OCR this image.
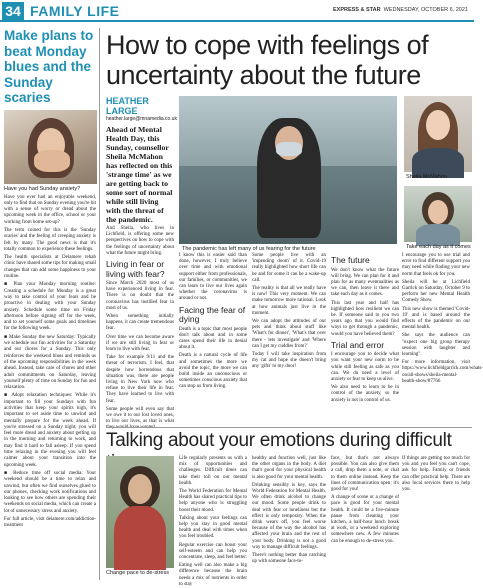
34 FAMILY LIFE	EXPRESS & STAR WEDNESDAY, OCTOBER 6, 2021
Make plans to beat Monday blues and the Sunday scaries
Have you had Sunday anxiety?

Have you ever had an enjoyable weekend, only to find that on Sunday evening you're hit with a sense of worry or dread about the upcoming week in the office, school or your working from home set-up?

The term coined for this is the 'Sunday scaries' and the feeling of creeping anxiety is felt by many. The good news is that it's totally common to experience these feelings.

The health specialists at Delamere rehab clinic have shared some tips for making small changes that can add some happiness to your routine.

■ Plan your Monday morning routine: Creating a schedule for Monday is a great way to take control of your fears and be proactive in dealing with your Sunday anxiety. Schedule some time on Friday afternoon before signing off for the week, and to set yourself some goals and timelines for the following week.

■ Make Sunday the new Saturday: Typically we schedule our fun activities for a Saturday and our chores for a Sunday. This only reinforces the weekend blues and reminds us of the upcoming responsibilities in the week ahead. Instead, take care of chores and other adult commitments on Saturday, leaving yourself plenty of time on Sunday for fun and relaxation.

■ Adopt relaxation techniques: While it's important to fill your Sundays with fun activities that keep your spirits high, it's important to set aside time to unwind and mentally prepare for the week ahead. If you're stressed on a Sunday night, you will feel more dread and anxiety about getting up in the morning and returning to work, and may find it hard to fall asleep. If you spend time relaxing in the evening you will feel calmer about your transition into the upcoming week.

■ Reduce time off social media: Your weekend should be a time to relax and unwind, but often we find ourselves glued to our phones, checking work notifications and looking to see how others are spending their weekends on social media, which can create a lot of unnecessary stress and anxiety.

For full article, visit delamere.com/addiction-treatment

How to cope with feelings of uncertainty about the future
HEATHER LARGE
heather.large@mnamedia.co.uk

Ahead of Mental Health Day, this Sunday, counsellor Sheila McMahon has reflected on this 'strange time' as we are getting back to some sort of normal while still living with the threat of the pandemic.

And Sheila, who lives in Lichfield, is offering some new perspectives on how to cope with the feelings of uncertainty about what the future might bring.

Living in fear or living with fear?

Since March 2020 most of us have experienced living in fear. There is no doubt that the coronavirus has instilled fear in most of us.

When something initially happens, it can create tremendous fear.

Over time we can become aware if we are still living in fear or learn to live with fear.

Take for example 9/11 and the threat of terrorism. I feel, that despite how horrendous that situation was, there are people living in New York now who refuse to live their life in fear. They have learned to live with fear.

Some people will even say that we owe it to our lost loved ones, to live our lives, as that is what

The pandemic has left many of us fearing for the future
Sheila McMahon
Take each day as it comes

I know this is easier said than done, however, I truly believe over time and with emotional support either from professionals, our families, or communities, we can learn to live our lives again whether the coronavirus is around or not.

Facing the fear of dying

Death is a topic that most people don't talk about and in some cases spend their life in denial about it.

Death is a natural cycle of life and sometimes the more we avoid the topic, the more we can build inside an unconscious or sometimes conscious anxiety that can stop us from living.

Some people live with an 'impending doom' of it. Covid-19 really highlighted how short life can be and for some it can be a wake-up call.

The reality is that all we really have is now! This very moment. We can make tomorrow more rational. Look at how animals just live in the moment.

We can adopt the attitudes of our pets and think about stuff like 'What's for dinner', 'What's that over there - lets investigate' and 'Where can I get my cuddles from?'

Today I will take inspiration from my cat and hope she doesn't bring any 'gifts' to my door!

The future

We don't know what the future will bring. We can plan for it and plan for as many eventualities as we can, then leave it there and take each day as it comes.

This last year and half has highlighted how resilient we can be. If someone said to you two years ago that you would find ways to get through a pandemic, would you have believed them?

Trial and error

I encourage you to decide what you want your new norm to be while still feeling as safe as you can. We do need a level of anxiety or fear to keep us alive.

We also need to learn to be in control of the anxiety, so the anxiety is not in control of us.

I encourage you to use trial and error to find different support you may need while finding your new norm that feels ok for you.

Sheila will be at Lichfield Garrick on Saturday, October 9 to perform her new Mental Health Comedy Show.

This new show is themed 'Covid-19' and is based around the effects of the pandemic on our mental health.

She says the audience can "expect one big group therapy session with laughter and learning".

For more information, visit https://www.lichfieldgarrick.com/whats-on/all-shows/sheila-mental-health-show/87766

Talking about your emotions during difficult
Change pace to de-stress

Life regularly presents us with a mix of opportunities and challenges. Difficult times can take their toll on our mental health.

The World Federation for Mental Health has shared practical tips to help anyone who is struggling boost their mood.

Talking about your feelings can help you stay in good mental health and deal with times when you feel troubled.

Regular exercise can boost your self-esteem and can help you concentrate, sleep, and feel better.

Eating well can also make a big difference because the brain needs a mix of nutrients in order to stay

healthy and function well, just like the other organs in the body. A diet that's good for your physical health is also good for your mental health.

Drinking sensibly is key, says the World Federation for Mental Health. We often drink alcohol to change our mood. Some people drink to deal with fear or loneliness but the effect is only temporary. When the drink wears off, you feel worse because of the way the alcohol has affected your brain and the rest of your body. Drinking is not a good way to manage difficult feelings.

There's nothing better than catching up with someone face-to-

face, but that's not always possible. You can also give them a call, drop them a note, or chat to them online instead. Keep the lines of communication open: it's good for you!

A change of scene or a change of pace is good for your mental health. It could be a five-minute pause from cleaning your kitchen, a half-hour lunch break at work, or a weekend exploring somewhere new. A few minutes can be enough to de-stress you.

If things are getting too much for you and you feel you can't cope, ask for help. Family or friends can offer practical help. There are also local services there to help you.
